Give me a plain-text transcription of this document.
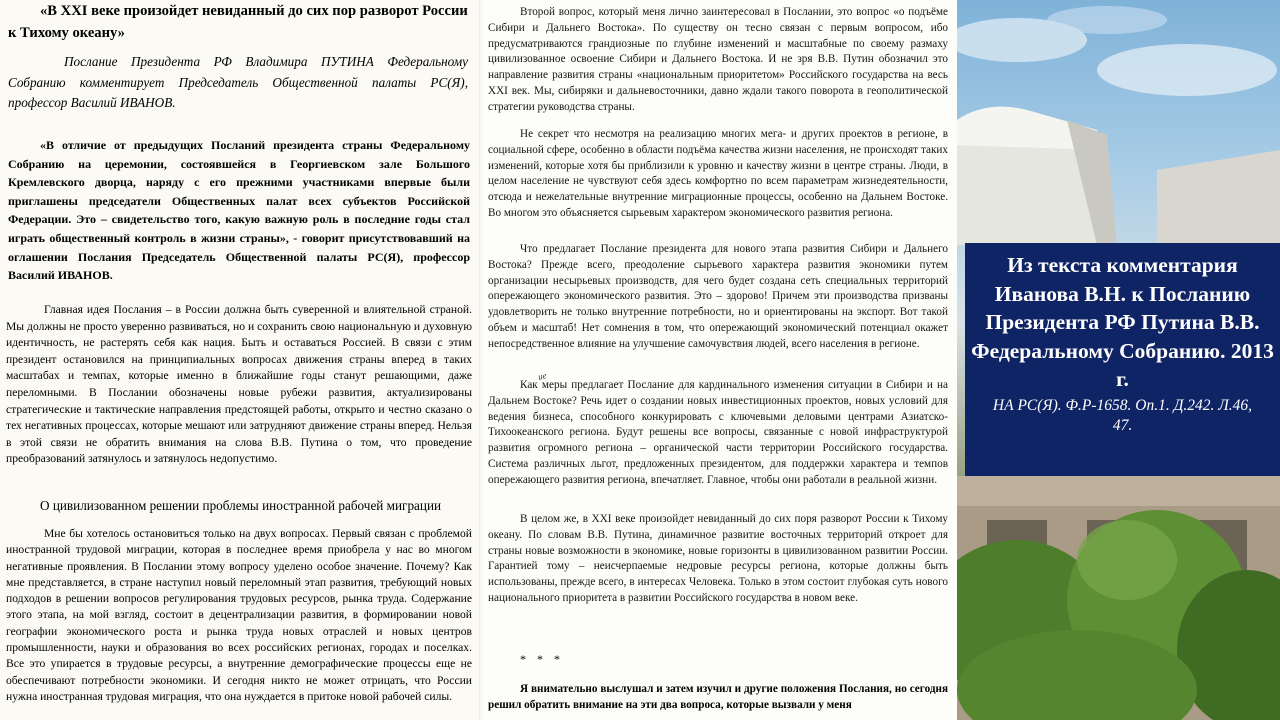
«В XXI веке произойдет невиданный до сих пор разворот России к Тихому океану»

Послание Президента РФ Владимира ПУТИНА Федеральному Собранию комментирует Председатель Общественной палаты РС(Я), профессор Василий ИВАНОВ.

«В отличие от предыдущих Посланий президента страны Федеральному Собранию на церемонии, состоявшейся в Георгиевском зале Большого Кремлевского дворца, наряду с его прежними участниками впервые были приглашены председатели Общественных палат всех субъектов Российской Федерации. Это – свидетельство того, какую важную роль в последние годы стал играть общественный контроль в жизни страны», - говорит присутствовавший на оглашении Послания Председатель Общественной палаты РС(Я), профессор Василий ИВАНОВ.

Главная идея Послания – в России должна быть суверенной и влиятельной страной. Мы должны не просто уверенно развиваться, но и сохранить свою национальную и духовную идентичность, не растерять себя как нация. Быть и оставаться Россией. В связи с этим президент остановился на принципиальных вопросах движения страны вперед в таких масштабах и темпах, которые именно в ближайшие годы станут решающими, даже переломными. В Послании обозначены новые рубежи развития, актуализированы стратегические и тактические направления предстоящей работы, открыто и честно сказано о тех негативных процессах, которые мешают или затрудняют движение страны вперед. Нельзя в этой связи не обратить внимания на слова В.В. Путина о том, что проведение преобразований затянулось и затянулось недопустимо.

О цивилизованном решении проблемы иностранной рабочей миграции

Мне бы хотелось остановиться только на двух вопросах. Первый связан с проблемой иностранной трудовой миграции, которая в последнее время приобрела у нас во многом негативные проявления. В Послании этому вопросу уделено особое значение. Почему? Как мне представляется, в стране наступил новый переломный этап развития, требующий новых подходов в решении вопросов регулирования трудовых ресурсов, рынка труда. Содержание этого этапа, на мой взгляд, состоит в децентрализации развития, в формировании новой географии экономического роста и рынка труда новых отраслей и новых центров промышленности, науки и образования во всех российских регионах, городах и поселках. Все это упирается в трудовые ресурсы, а внутренние демографические процессы еще не обеспечивают потребности экономики. И сегодня никто не может отрицать, что России нужна иностранная трудовая миграция, что она нуждается в притоке новой рабочей силы.

Второй вопрос, который меня лично заинтересовал в Послании, это вопрос «о подъёме Сибири и Дальнего Востока». По существу он тесно связан с первым вопросом, ибо предусматриваются грандиозные по глубине изменений и масштабные по своему размаху цивилизованное освоение Сибири и Дальнего Востока. И не зря В.В. Путин обозначил это направление развития страны «национальным приоритетом» Российского государства на весь XXI век. Мы, сибиряки и дальневосточники, давно ждали такого поворота в геополитической стратегии руководства страны.

Не секрет что несмотря на реализацию многих мега- и других проектов в регионе, в социальной сфере, особенно в области подъёма качества жизни населения, не происходят таких изменений, которые хотя бы приблизили к уровню и качеству жизни в центре страны. Люди, в целом население не чувствуют себя здесь комфортно по всем параметрам жизнедеятельности, отсюда и нежелательные внутренние миграционные процессы, особенно на Дальнем Востоке. Во многом это объясняется сырьевым характером экономического развития региона.

Что предлагает Послание президента для нового этапа развития Сибири и Дальнего Востока? Прежде всего, преодоление сырьевого характера развития экономики путем организации несырьевых производств, для чего будет создана сеть специальных территорий опережающего экономического развития. Это – здорово! Причем эти производства призваны удовлетворить не только внутренние потребности, но и ориентированы на экспорт. Вот такой объем и масштаб! Нет сомнения в том, что опережающий экономический потенциал окажет непосредственное влияние на улучшение самочувствия людей, всего населения в регионе.

Как меры предлагает Послание для кардинального изменения ситуации в Сибири и на Дальнем Востоке? Речь идет о создании новых инвестиционных проектов, новых условий для ведения бизнеса, способного конкурировать с ключевыми деловыми центрами Азиатско-Тихоокеанского региона. Будут решены все вопросы, связанные с новой инфраструктурой развития огромного региона – органической части территории Российского государства. Система различных льгот, предложенных президентом, для поддержки характера и темпов опережающего развития региона, впечатляет. Главное, чтобы они работали в реальной жизни.

ие

В целом же, в XXI веке произойдет невиданный до сих поря разворот России к Тихому океану. По словам В.В. Путина, динамичное развитие восточных территорий откроет для страны новые возможности в экономике, новые горизонты в цивилизованном развитии России. Гарантией тому – неисчерпаемые недровые ресурсы региона, которые должны быть использованы, прежде всего, в интересах Человека. Только в этом состоит глубокая суть нового национального приоритета в развитии Российского государства в новом веке.

* * *

Я внимательно выслушал и затем изучил и другие положения Послания, но сегодня решил обратить внимание на эти два вопроса, которые вызвали у меня

Из текста комментария Иванова В.Н. к Посланию Президента РФ Путина В.В. Федеральному Собранию. 2013 г.

НА РС(Я). Ф.Р-1658. Оп.1. Д.242. Л.46, 47.
